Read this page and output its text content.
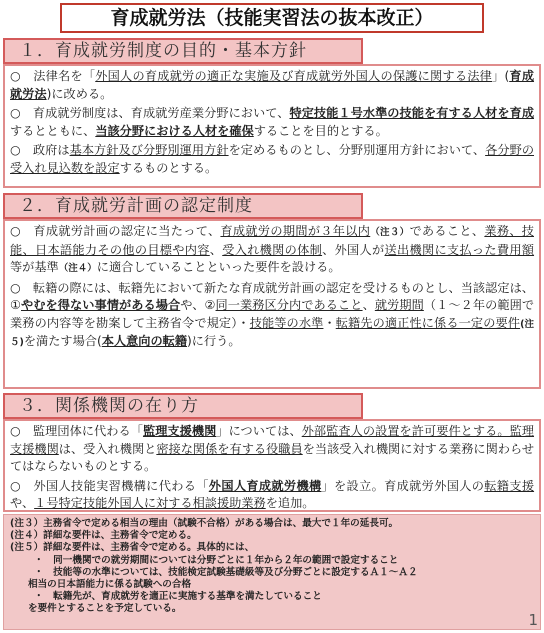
育成就労法（技能実習法の抜本改正）
１．育成就労制度の目的・基本方針
○　法律名を「外国人の育成就労の適正な実施及び育成就労外国人の保護に関する法律」(育成就労法)に改める。
○　育成就労制度は、育成就労産業分野において、特定技能１号水準の技能を有する人材を育成するとともに、当該分野における人材を確保することを目的とする。
○　政府は基本方針及び分野別運用方針を定めるものとし、分野別運用方針において、各分野の受入れ見込数を設定するものとする。
２．育成就労計画の認定制度
○　育成就労計画の認定に当たって、育成就労の期間が３年以内（注３）であること、業務、技能、日本語能力その他の目標や内容、受入れ機関の体制、外国人が送出機関に支払った費用額等が基準（注４）に適合していることといった要件を設ける。
○　転籍の際には、転籍先において新たな育成就労計画の認定を受けるものとし、当該認定は、①やむを得ない事情がある場合や、②同一業務区分内であること、就労期間（１～２年の範囲で業務の内容等を勘案して主務省令で規定）・技能等の水準・転籍先の適正性に係る一定の要件(注５)を満たす場合(本人意向の転籍)に行う。
３．関係機関の在り方
○　監理団体に代わる「監理支援機関」については、外部監査人の設置を許可要件とする。監理支援機関は、受入れ機関と密接な関係を有する役職員を当該受入れ機関に対する業務に関わらせてはならないものとする。
○　外国人技能実習機構に代わる「外国人育成就労機構」を設立。育成就労外国人の転籍支援や、１号特定技能外国人に対する相談援助業務を追加。
(注３）主務省令で定める相当の理由（試験不合格）がある場合は、最大で１年の延長可。
(注４）詳細な要件は、主務省令で定める。
(注５）詳細な要件は、主務省令で定める。具体的には、
・　同一機関での就労期間については分野ごとに１年から２年の範囲で設定すること
・　技能等の水準については、技能検定試験基礎級等及び分野ごとに設定するＡ１～Ａ２
相当の日本語能力に係る試験への合格
・　転籍先が、育成就労を適正に実施する基準を満たしていること
を要件とすることを予定している。
1
